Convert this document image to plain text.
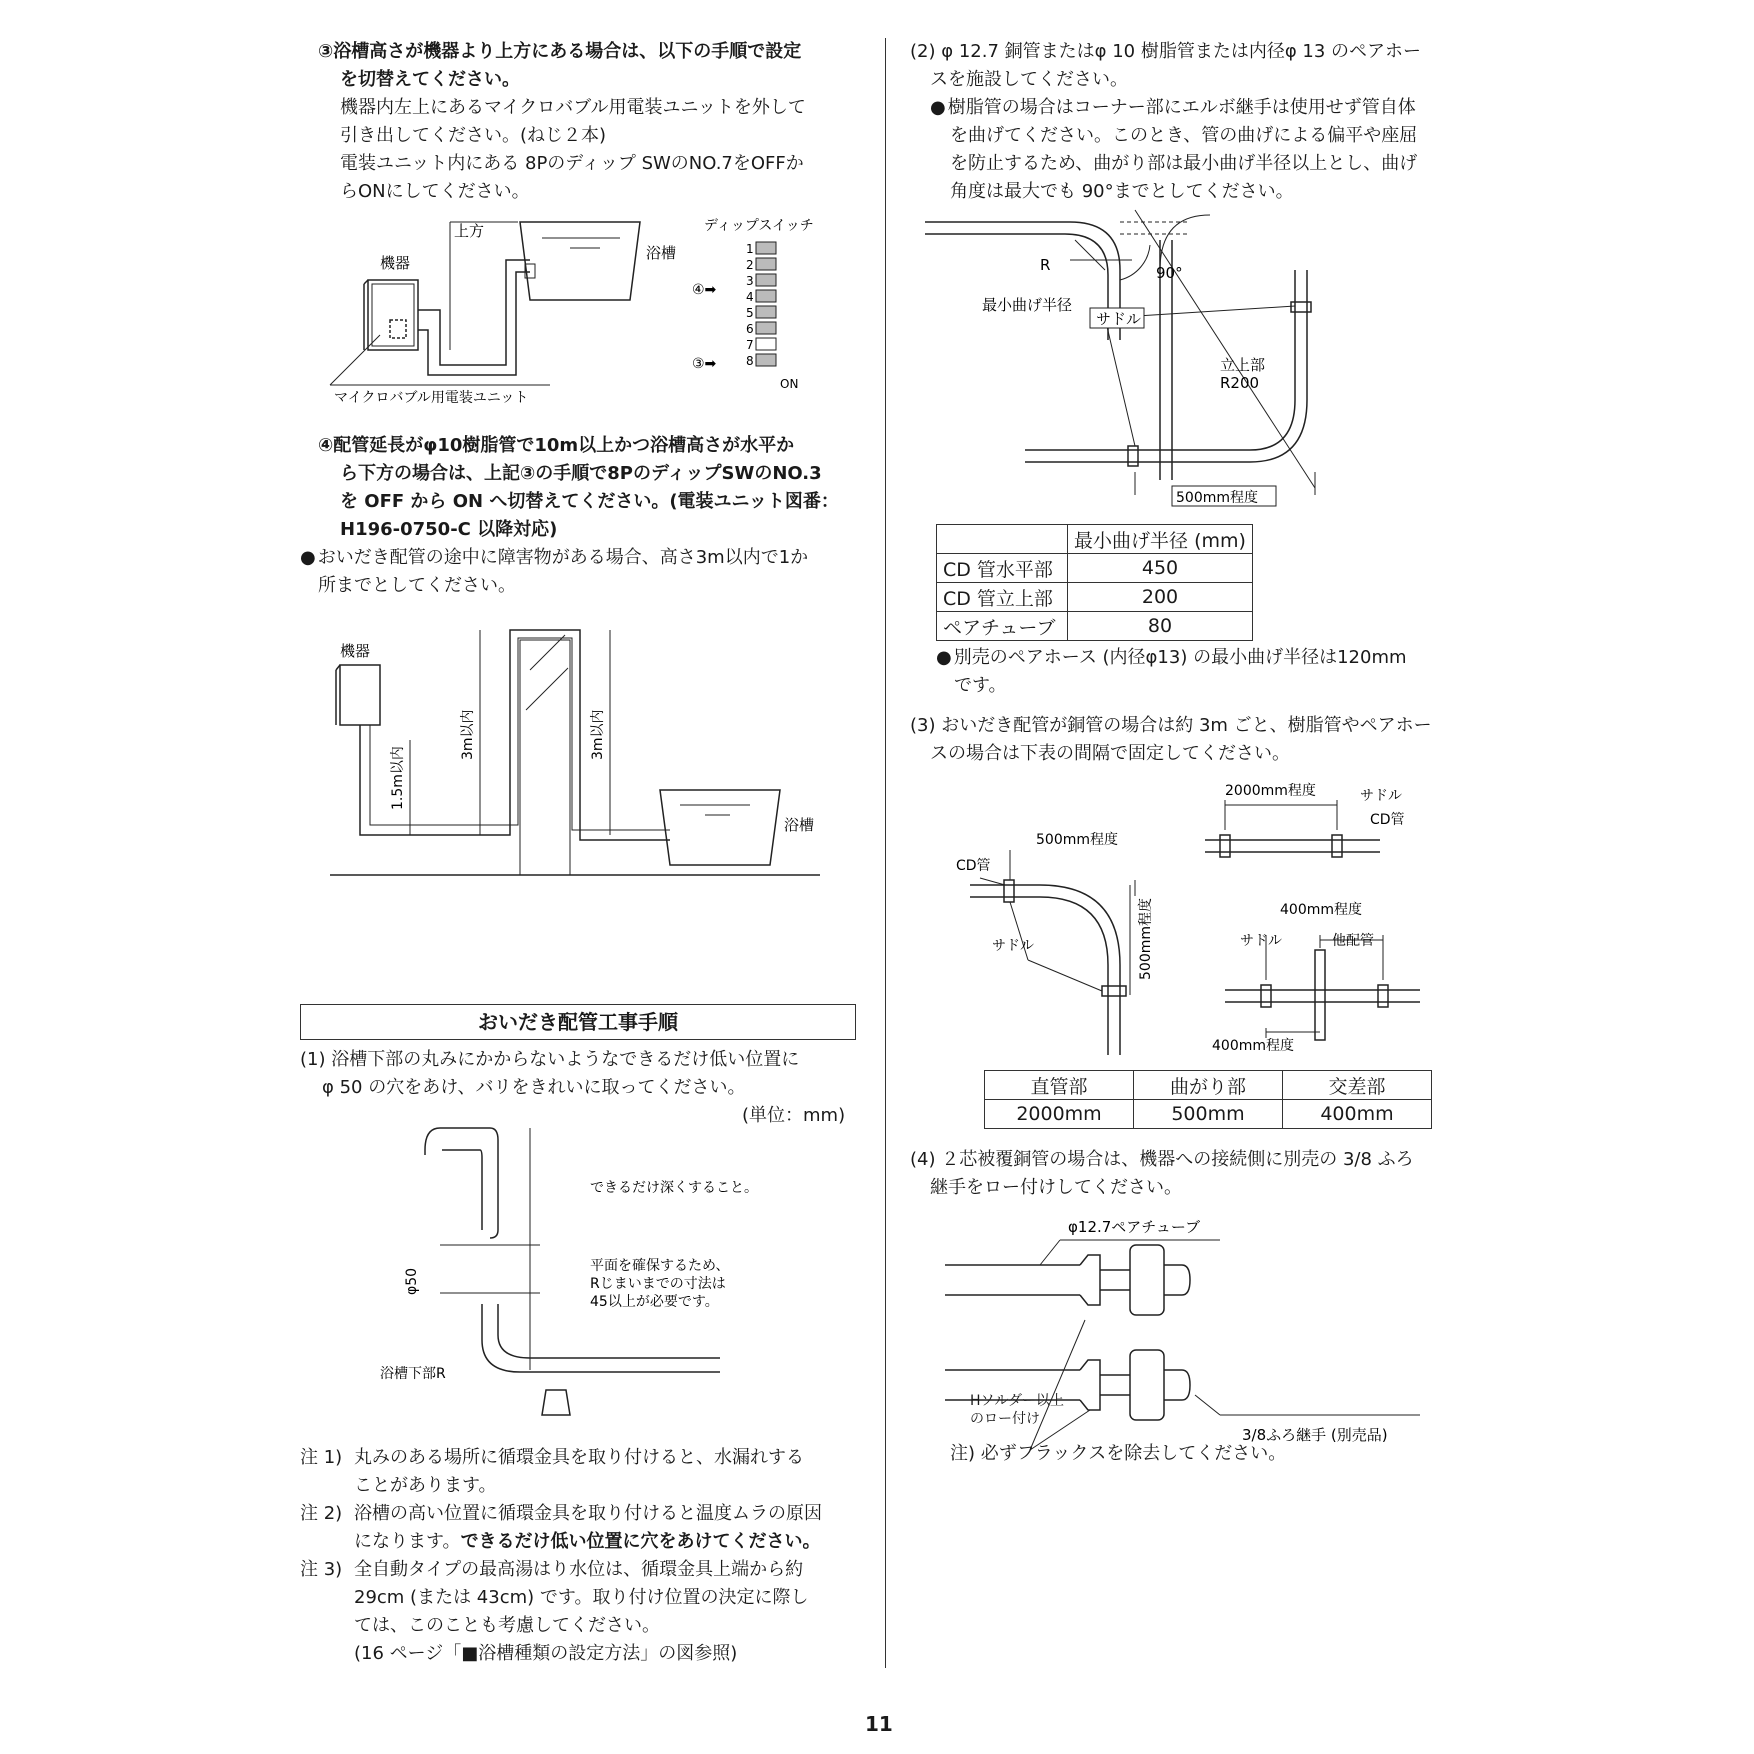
③浴槽高さが機器より上方にある場合は、以下の手順で設定
を切替えてください。
機器内左上にあるマイクロバブル用電装ユニットを外して
引き出してください。(ねじ２本)
電装ユニット内にある 8Pのディップ SWのNO.7をOFFか
らONにしてください。
機器
上方
浴槽
ディップスイッチ
1
2
3
4
5
6
7
8
④➡
③➡
ON
マイクロバブル用電装ユニット
④配管延長がφ10樹脂管で10m以上かつ浴槽高さが水平か
ら下方の場合は、上記③の手順で8PのディップSWのNO.3
を OFF から ON へ切替えてください。(電装ユニット図番：
H196-0750-C 以降対応)
● おいだき配管の途中に障害物がある場合、高さ3m以内で1か
所までとしてください。
機器
1.5m以内
3m以内	3m以内
浴槽
おいだき配管工事手順
(1) 浴槽下部の丸みにかからないようなできるだけ低い位置に
φ 50 の穴をあけ、バリをきれいに取ってください。
(単位：mm)
できるだけ深くすること。
φ50
平面を確保するため、
Rじまいまでの寸法は
45以上が必要です。
浴槽下部R
注 1) 丸みのある場所に循環金具を取り付けると、水漏れする
ことがあります。
注 2) 浴槽の高い位置に循環金具を取り付けると温度ムラの原因
になります。できるだけ低い位置に穴をあけてください。
注 3) 全自動タイプの最高湯はり水位は、循環金具上端から約
29cm (または 43cm) です。取り付け位置の決定に際し
ては、このことも考慮してください。
(16 ページ「■浴槽種類の設定方法」の図参照)
(2) φ 12.7 銅管またはφ 10 樹脂管または内径φ 13 のペアホー
スを施設してください。
● 樹脂管の場合はコーナー部にエルボ継手は使用せず管自体
を曲げてください。このとき、管の曲げによる偏平や座屈
を防止するため、曲がり部は最小曲げ半径以上とし、曲げ
角度は最大でも 90°までとしてください。
R	90°
最小曲げ半径
サドル
立上部
R200
500mm程度
	最小曲げ半径 (mm)
CD 管水平部	450
CD 管立上部	200
ペアチューブ	80
● 別売のペアホース (内径φ13) の最小曲げ半径は120mm
です。
(3) おいだき配管が銅管の場合は約 3m ごと、樹脂管やペアホー
スの場合は下表の間隔で固定してください。
2000mm程度	サドル
CD管
500mm程度
CD管
サドル	500mm程度	400mm程度
サドル	他配管
400mm程度
直管部	曲がり部	交差部
2000mm	500mm	400mm
(4) ２芯被覆銅管の場合は、機器への接続側に別売の 3/8 ふろ
継手をロー付けしてください。
φ12.7ペアチューブ
3/8ふろ継手 (別売品)
Hソルダー以上
のロー付け
注) 必ずフラックスを除去してください。
11
